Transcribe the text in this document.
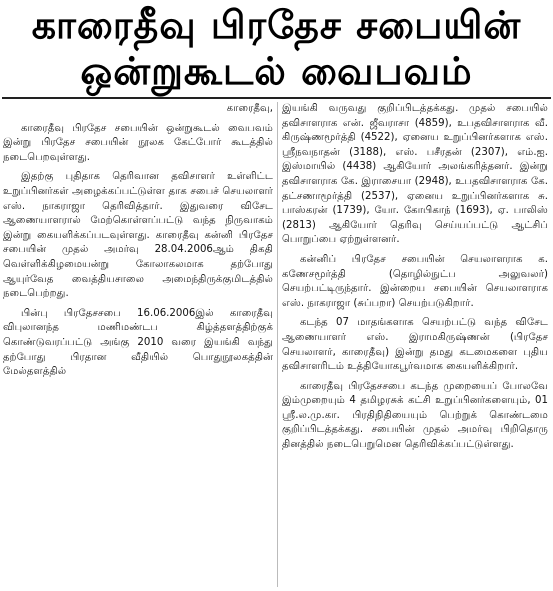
காரைதீவு பிரதேச சபையின்
ஒன்றுகூடல் வைபவம்

காரைதீவு,

காரைதீவு பிரதேச சபையின் ஒன்றுகூடல் வைபவம் இன்று பிரதேச சபையின் நூலக கேட்போர் கூடத்தில் நடைபெறவுள்ளது.

இதற்கு புதிதாக தெரிவான தவிசாளர் உள்ளிட்ட உறுப்பினர்கள் அழைக்கப்பட்டுள்ள தாக சபைச் செயலாளர் எஸ். நாகராஜா தெரிவித்தார். இதுவரை விசேட ஆணையாளரால் மேற்கொள்ளப்பட்டு வந்த நிருவாகம் இன்று கையளிக்கப்படவுள்ளது. காரைதீவு கன்னி பிரதேச சபையின் முதல் அமர்வு 28.04.2006ஆம் திகதி வெள்ளிக்கிழமையன்று கோலாகலமாக தற்போது ஆயுர்வேத வைத்தியசாலை அமைந்திருக்குமிடத்தில் நடைபெற்றது.

பின்பு பிரதேசசபை 16.06.2006இல் காரைதீவு விபுலானந்த மணிமண்டப கிழ்த்தளத்திற்குக் கொண்டுவரப்பட்டு அங்கு 2010 வரை இயங்கி வந்து தற்போது பிரதான வீதியில் பொதுநூலகத்தின் மேல்தளத்தில்

இயங்கி வருவது குறிப்பிடத்தக்கது. முதல் சபையில் தவிசாளராக என். ஜீவராசா (4859), உபதவிசாளராக வீ. கிருஷ்ணமூர்த்தி (4522), ஏனைய உறுப்பினர்களாக எஸ். ஸ்ரீநவநாதன் (3188), எஸ். பசீரதன் (2307), எம்.ஐ. இஸ்மாயில் (4438) ஆகியோர் அலங்கரித்தனர். இன்று தவிசாளராக கே. இராசையா (2948), உபதவிசாளராக கே. தட்சணாமூர்த்தி (2537), ஏனைய உறுப்பினர்களாக சு. பாஸ்கரன் (1739), யோ. கோபிகாந் (1693), ஏ. பாலிஸ் (2813) ஆகியோர் தெரிவு செய்யப்பட்டு ஆட்சிப் பொறுப்பை ஏற்றுள்ளனர்.

கன்னிப் பிரதேச சபையின் செயலாளராக க. கணேசமூர்த்தி (தொழில்நுட்ப அலுவலர்) செயற்பட்டிருந்தார். இன்றைய சபையின் செயலாளராக எஸ். நாகராஜா (சுப்பறா) செயற்படுகிறார்.

கடந்த 07 மாதங்களாக செயற்பட்டு வந்த விசேட ஆணையாளர் எஸ். இராமகிருஷ்ணன் (பிரதேச செயலாளர், காரைதீவு) இன்று தமது கடமைகளை புதிய தவிசாளரிடம் உத்தியோகபூர்வமாக கையளிக்கிறார்.

காரைதீவு பிரதேசசபை கடந்த முறையைப் போலவே இம்முறையும் 4 தமிழரசுக் கட்சி உறுப்பினர்களையும், 01 ஸ்ரீ.ல.மு.கா. பிரதிநிதியையும் பெற்றுக் கொண்டமை குறிப்பிடத்தக்கது. சபையின் முதல் அமர்வு பிறிதொரு தினத்தில் நடைபெறுமென தெரிவிக்கப்பட்டுள்ளது.
